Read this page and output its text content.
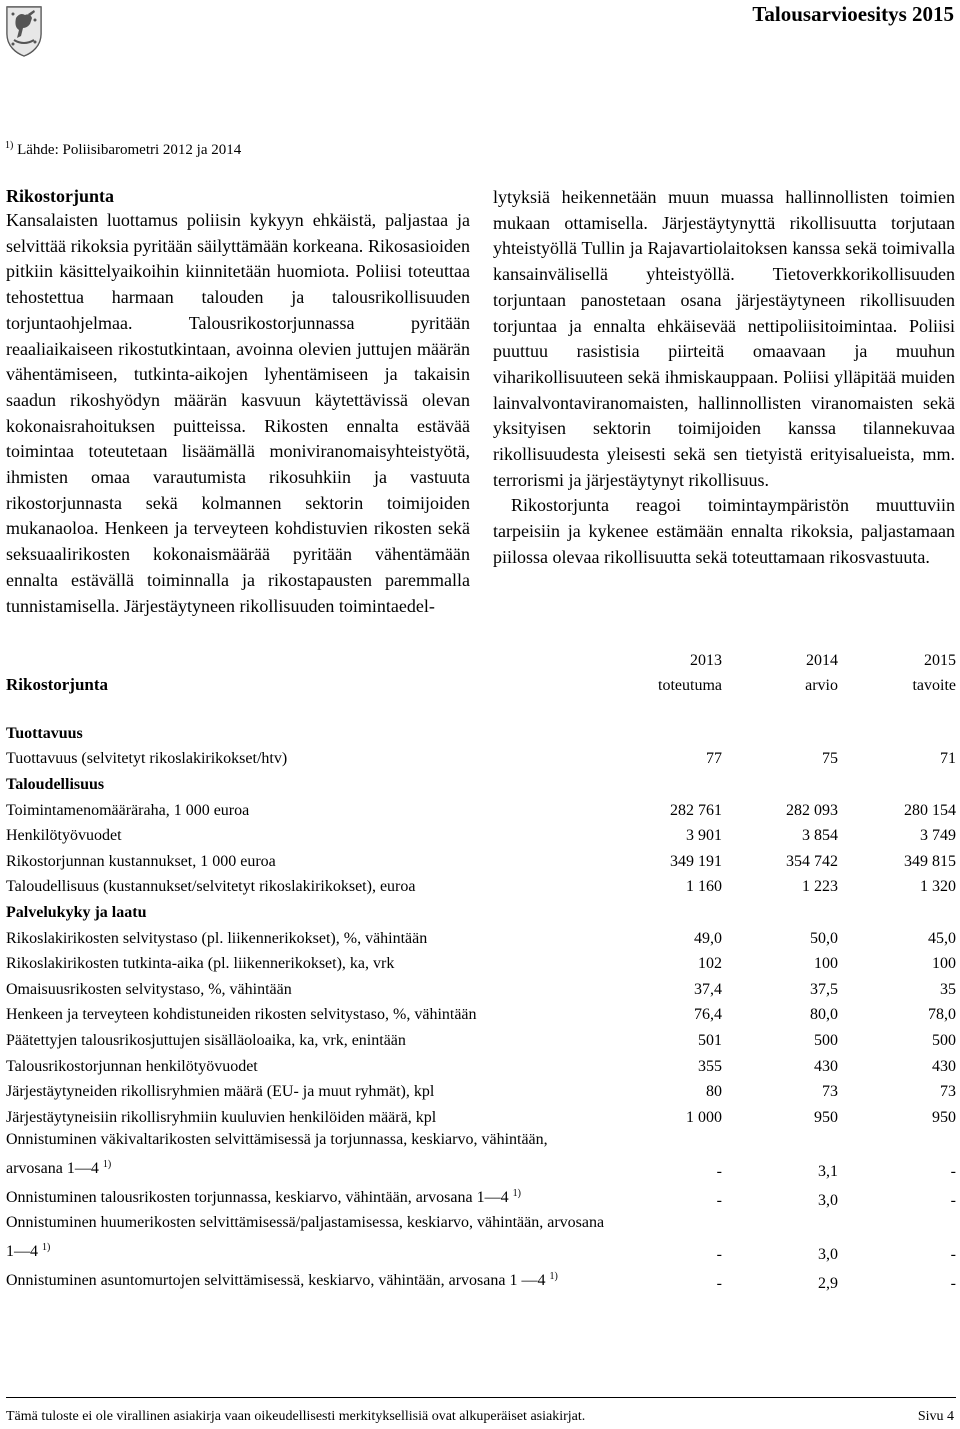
Talousarvioesitys 2015
$^{1)}$ Lähde: Poliisibarometri 2012 ja 2014
Rikostorjunta

Kansalaisten luottamus poliisin kykyyn ehkäistä, paljastaa ja selvittää rikoksia pyritään säilyttämään korkeana. Rikosasioiden pitkiin käsittelyaikoihin kiinnitetään huomiota. Poliisi toteuttaa tehostettua harmaan talouden ja talousrikollisuuden torjuntaohjelmaa. Talousrikostorjunnassa pyritään reaaliaikaiseen rikostutkintaan, avoinna olevien juttujen määrän vähentämiseen, tutkinta-aikojen lyhentämiseen ja takaisin saadun rikoshyödyn määrän kasvuun käytettävissä olevan kokonaisrahoituksen puitteissa. Rikosten ennalta estävää toimintaa toteutetaan lisäämällä moniviranomaisyhteistyötä, ihmisten omaa varautumista rikosuhkiin ja vastuuta rikostorjunnasta sekä kolmannen sektorin toimijoiden mukanaoloa. Henkeen ja terveyteen kohdistuvien rikosten sekä seksuaalirikosten kokonaismäärää pyritään vähentämään ennalta estävällä toiminnalla ja rikostapausten paremmalla tunnistamisella. Järjestäytyneen rikollisuuden toimintaedel-

lytyksiä heikennetään muun muassa hallinnollisten toimien mukaan ottamisella. Järjestäytynyttä rikollisuutta torjutaan yhteistyöllä Tullin ja Rajavartiolaitoksen kanssa sekä toimivalla kansainvälisellä yhteistyöllä. Tietoverkkorikollisuuden torjuntaan panostetaan osana järjestäytyneen rikollisuuden torjuntaa ja ennalta ehkäisevää nettipoliisitoimintaa. Poliisi puuttuu rasistisia piirteitä omaavaan ja muuhun viharikollisuuteen sekä ihmiskauppaan. Poliisi ylläpitää muiden lainvalvontaviranomaisten, hallinnollisten viranomaisten sekä yksityisen sektorin toimijoiden kanssa tilannekuvaa rikollisuudesta yleisesti sekä sen tietyistä erityisalueista, mm. terrorismi ja järjestäytynyt rikollisuus.

Rikostorjunta reagoi toimintaympäristön muuttuviin tarpeisiin ja kykenee estämään ennalta rikoksia, paljastamaan piilossa olevaa rikollisuutta sekä toteuttamaan rikosvastuuta.

	2013	2014	2015
Rikostorjunta	toteutuma	arvio	tavoite

Tuottavuus			
Tuottavuus (selvitetyt rikoslakirikokset/htv)	77	75	71
Taloudellisuus			
Toimintamenomääräraha, 1 000 euroa	282 761	282 093	280 154
Henkilötyövuodet	3 901	3 854	3 749
Rikostorjunnan kustannukset, 1 000 euroa	349 191	354 742	349 815
Taloudellisuus (kustannukset/selvitetyt rikoslakirikokset), euroa	1 160	1 223	1 320
Palvelukyky ja laatu			
Rikoslakirikosten selvitystaso (pl. liikennerikokset), %, vähintään	49,0	50,0	45,0
Rikoslakirikosten tutkinta-aika (pl. liikennerikokset), ka, vrk	102	100	100
Omaisuusrikosten selvitystaso, %, vähintään	37,4	37,5	35
Henkeen ja terveyteen kohdistuneiden rikosten selvitystaso, %, vähintään	76,4	80,0	78,0
Päätettyjen talousrikosjuttujen sisälläoloaika, ka, vrk, enintään	501	500	500
Talousrikostorjunnan henkilötyövuodet	355	430	430
Järjestäytyneiden rikollisryhmien määrä (EU- ja muut ryhmät), kpl	80	73	73
Järjestäytyneisiin rikollisryhmiin kuuluvien henkilöiden määrä, kpl	1 000	950	950
Onnistuminen väkivaltarikosten selvittämisessä ja torjunnassa, keskiarvo, vähintään, arvosana 1—4 $^{1)}$	-	3,1	-
Onnistuminen talousrikosten torjunnassa, keskiarvo, vähintään, arvosana 1—4 $^{1)}$	-	3,0	-
Onnistuminen huumerikosten selvittämisessä/paljastamisessa, keskiarvo, vähintään, arvosana 1—4 $^{1)}$	-	3,0	-
Onnistuminen asuntomurtojen selvittämisessä, keskiarvo, vähintään, arvosana 1 —4 $^{1)}$	-	2,9	-
Tämä tuloste ei ole virallinen asiakirja vaan oikeudellisesti merkityksellisiä ovat alkuperäiset asiakirjat.	Sivu 4
